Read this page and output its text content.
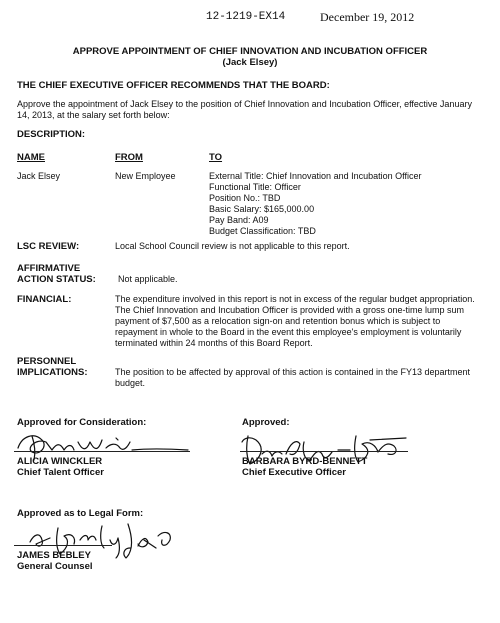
12-1219-EX14	December 19, 2012
APPROVE APPOINTMENT OF CHIEF INNOVATION AND INCUBATION OFFICER
(Jack Elsey)
THE CHIEF EXECUTIVE OFFICER RECOMMENDS THAT THE BOARD:
Approve the appointment of Jack Elsey to the position of Chief Innovation and Incubation Officer, effective January
14, 2013, at the salary set forth below:
DESCRIPTION:
NAME	FROM	TO
Jack Elsey	New Employee	External Title: Chief Innovation and Incubation Officer
Functional Title: Officer
Position No.: TBD
Basic Salary: $165,000.00
Pay Band: A09
Budget Classification: TBD
LSC REVIEW:	Local School Council review is not applicable to this report.
AFFIRMATIVE
ACTION STATUS: Not applicable.
FINANCIAL:	The expenditure involved in this report is not in excess of the regular budget appropriation.
The Chief Innovation and Incubation Officer is provided with a gross one-time lump sum
payment of $7,500 as a relocation sign-on and retention bonus which is subject to
repayment in whole to the Board in the event this employee's employment is voluntarily
terminated within 24 months of this Board Report.
PERSONNEL
IMPLICATIONS:	The position to be affected by approval of this action is contained in the FY13 department
budget.
Approved for Consideration:
ALICIA WINCKLER
Chief Talent Officer
Approved:
BARBARA BYRD-BENNETT
Chief Executive Officer
Approved as to Legal Form:
JAMES BEBLEY
General Counsel
